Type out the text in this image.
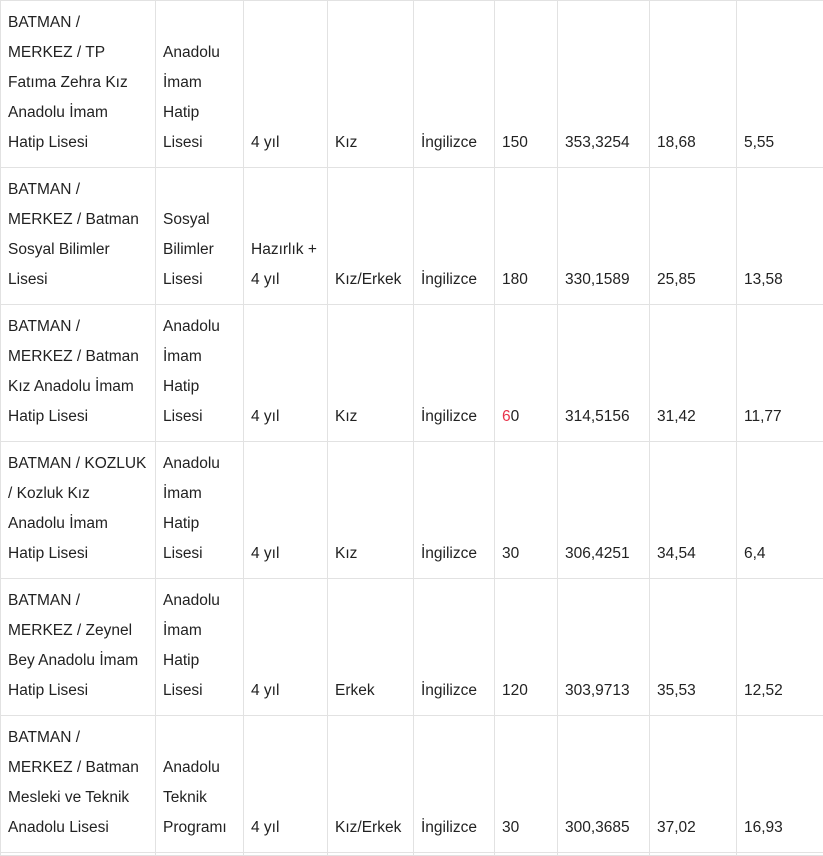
BATMAN / MERKEZ / TP Fatıma Zehra Kız Anadolu İmam Hatip Lisesi	Anadolu İmam Hatip Lisesi	4 yıl	Kız	İngilizce	150	353,3254	18,68	5,55
BATMAN / MERKEZ / Batman Sosyal Bilimler Lisesi	Sosyal Bilimler Lisesi	Hazırlık + 4 yıl	Kız/Erkek	İngilizce	180	330,1589	25,85	13,58
BATMAN / MERKEZ / Batman Kız Anadolu İmam Hatip Lisesi	Anadolu İmam Hatip Lisesi	4 yıl	Kız	İngilizce	60	314,5156	31,42	11,77
BATMAN / KOZLUK / Kozluk Kız Anadolu İmam Hatip Lisesi	Anadolu İmam Hatip Lisesi	4 yıl	Kız	İngilizce	30	306,4251	34,54	6,4
BATMAN / MERKEZ / Zeynel Bey Anadolu İmam Hatip Lisesi	Anadolu İmam Hatip Lisesi	4 yıl	Erkek	İngilizce	120	303,9713	35,53	12,52
BATMAN / MERKEZ / Batman Mesleki ve Teknik Anadolu Lisesi	Anadolu Teknik Programı	4 yıl	Kız/Erkek	İngilizce	30	300,3685	37,02	16,93
